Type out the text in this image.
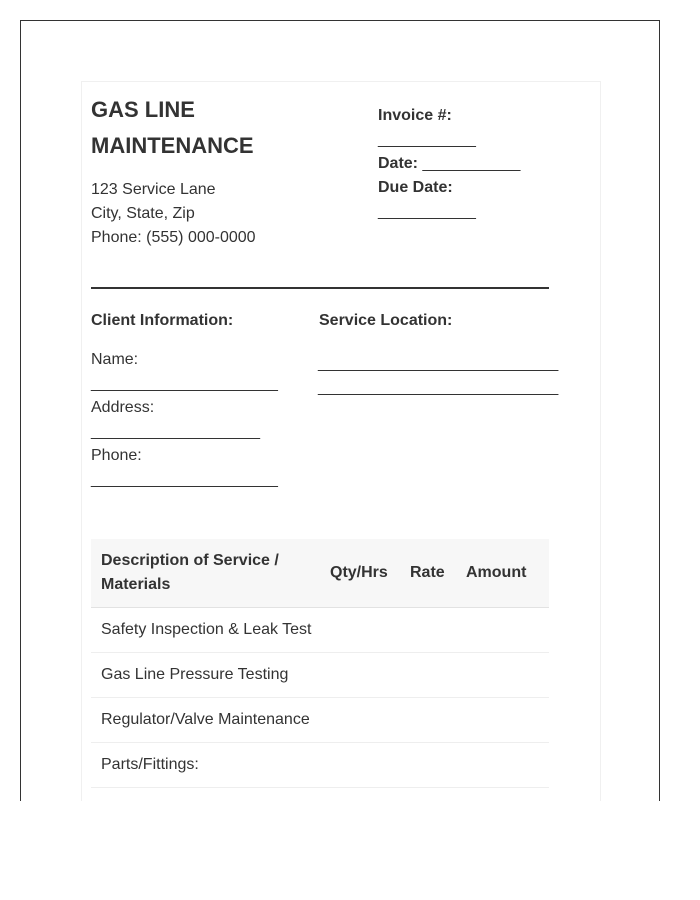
GAS LINE MAINTENANCE
123 Service Lane
City, State, Zip
Phone: (555) 000-0000
Invoice #:
___________
Date: ___________
Due Date:
___________
Client Information:	Service Location:
Name:
_____________________
Address:
___________________
Phone:
_____________________
___________________________
___________________________
Description of Service / Materials	Qty/Hrs	Rate	Amount
Safety Inspection & Leak Test			
Gas Line Pressure Testing			
Regulator/Valve Maintenance			
Parts/Fittings:			
